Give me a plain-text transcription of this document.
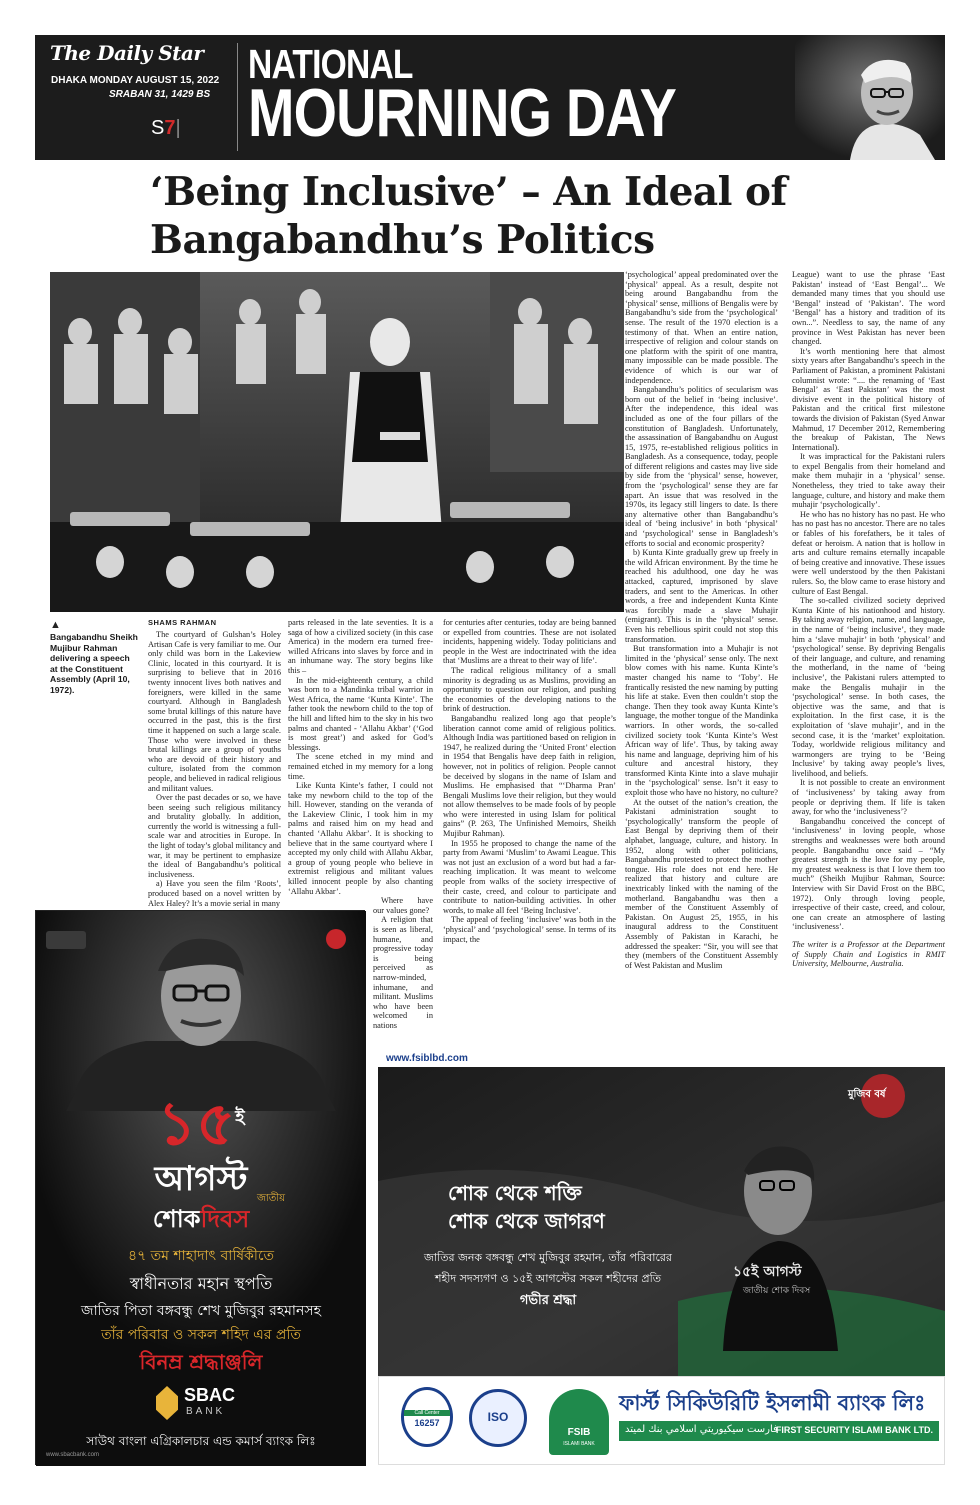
The Daily Star
DHAKA MONDAY AUGUST 15, 2022
SRABAN 31, 1429 BS
S7|
NATIONAL
MOURNING DAY
‘Being Inclusive’ – An Ideal of
Bangabandhu’s Politics
▲
Bangabandhu Sheikh Mujibur Rahman delivering a speech at the Constituent Assembly (April 10, 1972).
SHAMS RAHMAN

The courtyard of Gulshan’s Holey Artisan Cafe is very familiar to me. Our only child was born in the Lakeview Clinic, located in this courtyard. It is surprising to believe that in 2016 twenty innocent lives both natives and foreigners, were killed in the same courtyard. Although in Bangladesh some brutal killings of this nature have occurred in the past, this is the first time it happened on such a large scale. Those who were involved in these brutal killings are a group of youths who are devoid of their history and culture, isolated from the common people, and believed in radical religious and militant values.

Over the past decades or so, we have been seeing such religious militancy and brutality globally. In addition, currently the world is witnessing a full-scale war and atrocities in Europe. In the light of today’s global militancy and war, it may be pertinent to emphasize the ideal of Bangabandhu’s political inclusiveness.

a) Have you seen the film ‘Roots’, produced based on a novel written by Alex Haley? It’s a movie serial in many

parts released in the late seventies. It is a saga of how a civilized society (in this case America) in the modern era turned free-willed Africans into slaves by force and in an inhumane way. The story begins like this –

In the mid-eighteenth century, a child was born to a Mandinka tribal warrior in West Africa, the name ‘Kunta Kinte’. The father took the newborn child to the top of the hill and lifted him to the sky in his two palms and chanted - ‘Allahu Akbar’ (‘God is most great’) and asked for God’s blessings.

The scene etched in my mind and remained etched in my memory for a long time.

Like Kunta Kinte’s father, I could not take my newborn child to the top of the hill. However, standing on the veranda of the Lakeview Clinic, I took him in my palms and raised him on my head and chanted ‘Allahu Akbar’. It is shocking to believe that in the same courtyard where I accepted my only child with Allahu Akbar, a group of young people who believe in extremist religious and militant values killed innocent people by also chanting ‘Allahu Akbar’.

Where have our values gone?

A religion that is seen as liberal, humane, and progressive today is being perceived as narrow-minded, inhumane, and militant. Muslims who have been welcomed in nations

for centuries after centuries, today are being banned or expelled from countries. These are not isolated incidents, happening widely. Today politicians and people in the West are indoctrinated with the idea that ‘Muslims are a threat to their way of life’.

The radical religious militancy of a small minority is degrading us as Muslims, providing an opportunity to question our religion, and pushing the economies of the developing nations to the brink of destruction.

Bangabandhu realized long ago that people’s liberation cannot come amid of religious politics. Although India was partitioned based on religion in 1947, he realized during the ‘United Front’ election in 1954 that Bengalis have deep faith in religion, however, not in politics of religion. People cannot be deceived by slogans in the name of Islam and Muslims. He emphasised that “‘Dharma Pran’ Bengali Muslims love their religion, but they would not allow themselves to be made fools of by people who were interested in using Islam for political gains” (P. 263, The Unfinished Memoirs, Sheikh Mujibur Rahman).

In 1955 he proposed to change the name of the party from Awami ‘Muslim’ to Awami League. This was not just an exclusion of a word but had a far-reaching implication. It was meant to welcome people from walks of the society irrespective of their caste, creed, and colour to participate and contribute to nation-building activities. In other words, to make all feel ‘Being Inclusive’.

The appeal of feeling ‘inclusive’ was both in the ‘physical’ and ‘psychological’ sense. In terms of its impact, the

‘psychological’ appeal predominated over the ‘physical’ appeal. As a result, despite not being around Bangabandhu from the ‘physical’ sense, millions of Bengalis were by Bangabandhu’s side from the ‘psychological’ sense. The result of the 1970 election is a testimony of that. When an entire nation, irrespective of religion and colour stands on one platform with the spirit of one mantra, many impossible can be made possible. The evidence of which is our war of independence.

Bangabandhu’s politics of secularism was born out of the belief in ‘being inclusive’. After the independence, this ideal was included as one of the four pillars of the constitution of Bangladesh. Unfortunately, the assassination of Bangabandhu on August 15, 1975, re-established religious politics in Bangladesh. As a consequence, today, people of different religions and castes may live side by side from the ‘physical’ sense, however, from the ‘psychological’ sense they are far apart. An issue that was resolved in the 1970s, its legacy still lingers to date. Is there any alternative other than Bangabandhu’s ideal of ‘being inclusive’ in both ‘physical’ and ‘psychological’ sense in Bangladesh’s efforts to social and economic prosperity?

b) Kunta Kinte gradually grew up freely in the wild African environment. By the time he reached his adulthood, one day he was attacked, captured, imprisoned by slave traders, and sent to the Americas. In other words, a free and independent Kunta Kinte was forcibly made a slave Muhajir (emigrant). This is in the ‘physical’ sense. Even his rebellious spirit could not stop this transformation.

But transformation into a Muhajir is not limited in the ‘physical’ sense only. The next blow comes with his name. Kunta Kinte’s master changed his name to ‘Toby’. He frantically resisted the new naming by putting his life at stake. Even then couldn’t stop the change. Then they took away Kunta Kinte’s language, the mother tongue of the Mandinka warriors. In other words, the so-called civilized society took ‘Kunta Kinte’s West African way of life’. Thus, by taking away his name and language, depriving him of his culture and ancestral history, they transformed Kinta Kinte into a slave muhajir in the ‘psychological’ sense. Isn’t it easy to exploit those who have no history, no culture?

At the outset of the nation’s creation, the Pakistani administration sought to ‘psychologically’ transform the people of East Bengal by depriving them of their alphabet, language, culture, and history. In 1952, along with other politicians, Bangabandhu protested to protect the mother tongue. His role does not end here. He realized that history and culture are inextricably linked with the naming of the motherland. Bangabandhu was then a member of the Constituent Assembly of Pakistan. On August 25, 1955, in his inaugural address to the Constituent Assembly of Pakistan in Karachi, he addressed the speaker: “Sir, you will see that they (members of the Constituent Assembly of West Pakistan and Muslim

League) want to use the phrase ‘East Pakistan’ instead of ‘East Bengal’... We demanded many times that you should use ‘Bengal’ instead of ‘Pakistan’. The word ‘Bengal’ has a history and tradition of its own...”. Needless to say, the name of any province in West Pakistan has never been changed.

It’s worth mentioning here that almost sixty years after Bangabandhu’s speech in the Parliament of Pakistan, a prominent Pakistani columnist wrote: “.... the renaming of ‘East Bengal’ as ‘East Pakistan’ was the most divisive event in the political history of Pakistan and the critical first milestone towards the division of Pakistan (Syed Anwar Mahmud, 17 December 2012, Remembering the breakup of Pakistan, The News International).

It was impractical for the Pakistani rulers to expel Bengalis from their homeland and make them muhajir in a ‘physical’ sense. Nonetheless, they tried to take away their language, culture, and history and make them muhajir ‘psychologically’.

He who has no history has no past. He who has no past has no ancestor. There are no tales or fables of his forefathers, be it tales of defeat or heroism. A nation that is hollow in arts and culture remains eternally incapable of being creative and innovative. These issues were well understood by the then Pakistani rulers. So, the blow came to erase history and culture of East Bengal.

The so-called civilized society deprived Kunta Kinte of his nationhood and history. By taking away religion, name, and language, in the name of ‘being inclusive’, they made him a ‘slave muhajir’ in both ‘physical’ and ‘psychological’ sense. By depriving Bengalis of their language, and culture, and renaming the motherland, in the name of ‘being inclusive’, the Pakistani rulers attempted to make the Bengalis muhajir in the ‘psychological’ sense. In both cases, the objective was the same, and that is exploitation. In the first case, it is the exploitation of ‘slave muhajir’, and in the second case, it is the ‘market’ exploitation. Today, worldwide religious militancy and warmongers are trying to be ‘Being Inclusive’ by taking away people’s lives, livelihood, and beliefs.

It is not possible to create an environment of ‘inclusiveness’ by taking away from people or depriving them. If life is taken away, for who the ‘inclusiveness’?

Bangabandhu conceived the concept of ‘inclusiveness’ in loving people, whose strengths and weaknesses were both around people. Bangabandhu once said – “My greatest strength is the love for my people, my greatest weakness is that I love them too much” (Sheikh Mujibur Rahman, Source: Interview with Sir David Frost on the BBC, 1972). Only through loving people, irrespective of their caste, creed, and colour, one can create an atmosphere of lasting ‘inclusiveness’.

The writer is a Professor at the Department of Supply Chain and Logistics in RMIT University, Melbourne, Australia.

$১৫^ই$
আগস্ট জাতীয়
শোকদিবস
৪৭ তম শাহাদাৎ বার্ষিকীতে
স্বাধীনতার মহান স্থপতি
জাতির পিতা বঙ্গবন্ধু শেখ মুজিবুর রহমানসহ
তাঁর পরিবার ও সকল শহিদ এর প্রতি
বিনম্র শ্রদ্ধাঞ্জলি
SBAC
BANK
সাউথ বাংলা এগ্রিকালচার এন্ড কমার্স ব্যাংক লিঃ
www.sbacbank.com
www.fsiblbd.com
মুজিব বর্ষ
শোক থেকে শক্তি
শোক থেকে জাগরণ
জাতির জনক বঙ্গবন্ধু শেখ মুজিবুর রহমান, তাঁর পরিবারের
শহীদ সদস্যগণ ও ১৫ই আগস্টের সকল শহীদের প্রতি
গভীর শ্রদ্ধা
১৫ই আগস্ট
জাতীয় শোক দিবস
Call Center
16257	ISO
FSIB
ISLAMI BANK
ফার্স্ট সিকিউরিটি ইসলামী ব্যাংক লিঃ
فارست سيكيوريتي اسلامي بنك لميتد
FIRST SECURITY ISLAMI BANK LTD.
